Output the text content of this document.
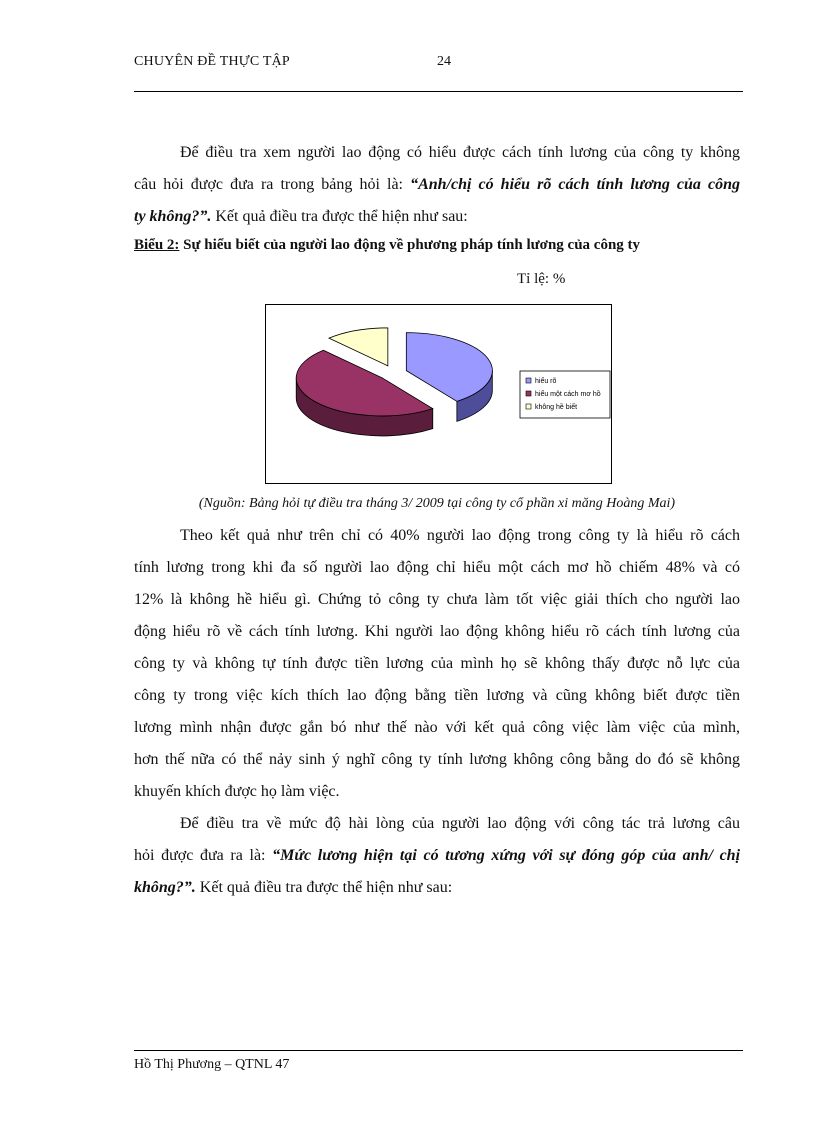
CHUYÊN ĐỀ THỰC TẬP	24
Để điều tra xem người lao động có hiểu được cách tính lương của công ty không
câu hỏi được đưa ra trong bảng hỏi là: “Anh/chị có hiểu rõ cách tính lương của công
ty không?”. Kết quả điều tra được thể hiện như sau:
Biểu 2: Sự hiểu biết của người lao động về phương pháp tính lương của công ty
Tỉ lệ: %
hiểu rõ
hiểu một cách mơ hồ
không hề biết
(Nguồn: Bảng hỏi tự điều tra tháng 3/ 2009 tại công ty cổ phần xi măng Hoàng Mai)
Theo kết quả như trên chỉ có 40% người lao động trong công ty là hiểu rõ cách
tính lương trong khi đa số người lao động chỉ hiểu một cách mơ hồ chiếm 48% và có
12% là không hề hiểu gì. Chứng tỏ công ty chưa làm tốt việc giải thích cho người lao
động hiểu rõ về cách tính lương. Khi người lao động không hiểu rõ cách tính lương của
công ty và không tự tính được tiền lương của mình họ sẽ không thấy được nỗ lực của
công ty trong việc kích thích lao động bằng tiền lương và cũng không biết được tiền
lương mình nhận được gắn bó như thế nào với kết quả công việc làm việc của mình,
hơn thế nữa có thể nảy sinh ý nghĩ công ty tính lương không công bằng do đó sẽ không
khuyến khích được họ làm việc.
Để điều tra về mức độ hài lòng của người lao động với công tác trả lương câu
hỏi được đưa ra là: “Mức lương hiện tại có tương xứng với sự đóng góp của anh/ chị
không?”. Kết quả điều tra được thể hiện như sau:
Hồ Thị Phương – QTNL 47
